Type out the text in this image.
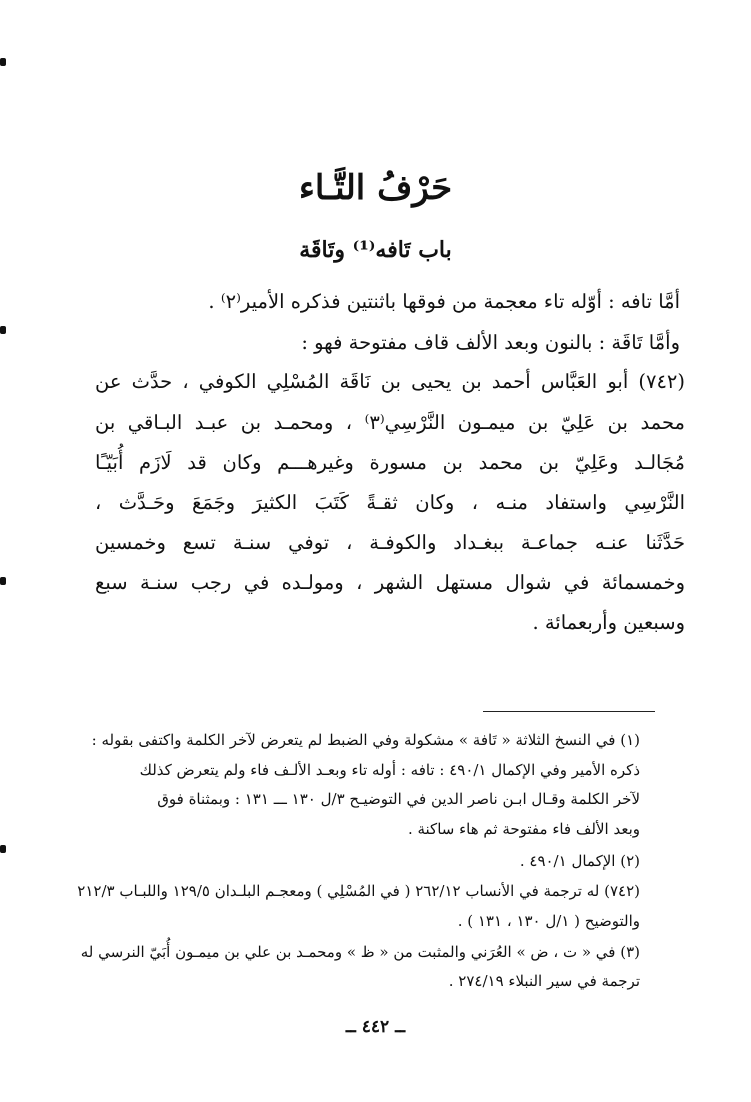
حَرْفُ التَّـاء
باب تَافه⁽¹⁾ وتَاقَة
أمَّا تافه : أوّله تاء معجمة من فوقها باثنتين فذكره الأمير⁽٢⁾ .
وأمَّا تَاقَة : بالنون وبعد الألف قاف مفتوحة فهو :
(٧٤٢) أبو العَبَّاس أحمد بن يحيى بن نَاقَة المُسْلِي الكوفي ، حدَّث عن
محمد بن عَلِيّ بن ميمـون النَّرْسِي⁽٣⁾ ، ومحمـد بن عبـد البـاقي بن
مُجَالـد وعَلِيّ بن محمد بن مسورة وغيرهـــم وكان قد لَازَم أُبَيّـًا
النَّرْسِي واستفاد منـه ، وكان ثقـةً كَتَبَ الكثيرَ وجَمَعَ وحَـدَّث ،
حَدَّثَنا عنـه جماعـة ببغـداد والكوفـة ، توفي سنـة تسع وخمسين
وخمسمائة في شوال مستهل الشهر ، ومولـده في رجب سنـة سبع
وسبعين وأربعمائة .
(١) في النسخ الثلاثة « تَافة » مشكولة وفي الضبط لم يتعرض لآخر الكلمة واكتفى بقوله :
ذكره الأمير وفي الإكمال ٤٩٠/١ : تافه : أوله تاء وبعـد الألـف فاء ولم يتعرض كذلك
لآخر الكلمة وقـال ابـن ناصر الدين في التوضيـح ٣/ل ١٣٠ ـــ ١٣١ : وبمثناة فوق
وبعد الألف فاء مفتوحة ثم هاء ساكنة .
(٢) الإكمال ٤٩٠/١ .
(٧٤٢) له ترجمة في الأنساب ٢٦٢/١٢ ( في المُسْلِي ) ومعجـم البلـدان ١٢٩/٥ واللبـاب ٢١٢/٣
والتوضيح ( ١/ل ١٣٠ ، ١٣١ ) .
(٣) في « ت ، ض » العُرَني والمثبت من « ظ » ومحمـد بن علي بن ميمـون أُبَيّ النرسي له
ترجمة في سير النبلاء ٢٧٤/١٩ .
ــ ٤٤٢ ــ
